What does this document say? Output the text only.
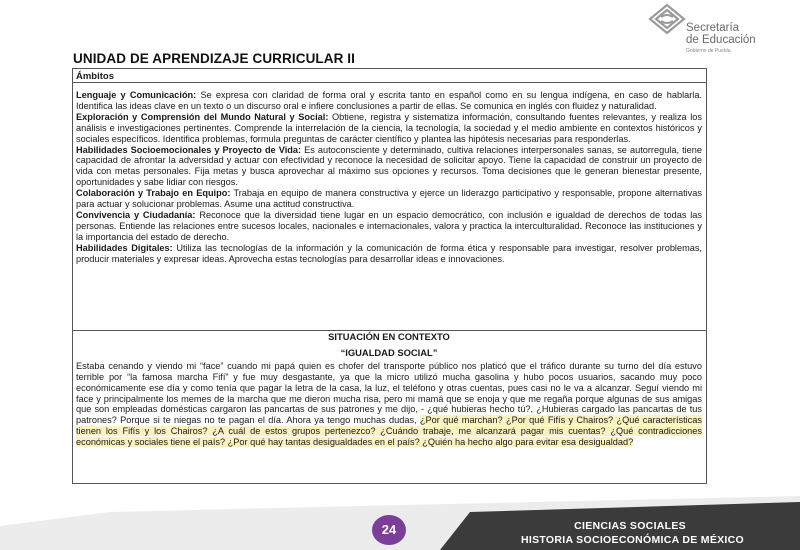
Secretaría
de Educación
Gobierno de Puebla
UNIDAD DE APRENDIZAJE CURRICULAR II
Ámbitos

Lenguaje y Comunicación: Se expresa con claridad de forma oral y escrita tanto en español como en su lengua indígena, en caso de hablarla. Identifica las ideas clave en un texto o un discurso oral e infiere conclusiones a partir de ellas. Se comunica en inglés con fluidez y naturalidad.

Exploración y Comprensión del Mundo Natural y Social: Obtiene, registra y sistematiza información, consultando fuentes relevantes, y realiza los análisis e investigaciones pertinentes. Comprende la interrelación de la ciencia, la tecnología, la sociedad y el medio ambiente en contextos históricos y sociales específicos. Identifica problemas, formula preguntas de carácter científico y plantea las hipótesis necesarias para responderlas.

Habilidades Socioemocionales y Proyecto de Vida: Es autoconsciente y determinado, cultiva relaciones interpersonales sanas, se autorregula, tiene capacidad de afrontar la adversidad y actuar con efectividad y reconoce la necesidad de solicitar apoyo. Tiene la capacidad de construir un proyecto de vida con metas personales. Fija metas y busca aprovechar al máximo sus opciones y recursos. Toma decisiones que le generan bienestar presente, oportunidades y sabe lidiar con riesgos.

Colaboración y Trabajo en Equipo: Trabaja en equipo de manera constructiva y ejerce un liderazgo participativo y responsable, propone alternativas para actuar y solucionar problemas. Asume una actitud constructiva.

Convivencia y Ciudadanía: Reconoce que la diversidad tiene lugar en un espacio democrático, con inclusión e igualdad de derechos de todas las personas. Entiende las relaciones entre sucesos locales, nacionales e internacionales, valora y practica la interculturalidad. Reconoce las instituciones y la importancia del estado de derecho.

Habilidades Digitales: Utiliza las tecnologías de la información y la comunicación de forma ética y responsable para investigar, resolver problemas, producir materiales y expresar ideas. Aprovecha estas tecnologías para desarrollar ideas e innovaciones.

SITUACIÓN EN CONTEXTO
“IGUALDAD SOCIAL”
Estaba cenando y viendo mi “face” cuando mi papá quien es chofer del transporte público nos platicó que el tráfico durante su turno del día estuvo terrible por “la famosa marcha Fifí” y fue muy desgastante, ya que la micro utilizó mucha gasolina y hubo pocos usuarios, sacando muy poco económicamente ese día y como tenía que pagar la letra de la casa, la luz, el teléfono y otras cuentas, pues casi no le va a alcanzar. Seguí viendo mi face y principalmente los memes de la marcha que me dieron mucha risa, pero mi mamá que se enoja y que me regaña porque algunas de sus amigas que son empleadas domésticas cargaron las pancartas de sus patrones y me dijo, - ¿qué hubieras hecho tú?, ¿Hubieras cargado las pancartas de tus patrones? Porque si te niegas no te pagan el día. Ahora ya tengo muchas dudas, ¿Por qué marchan? ¿Por qué Fifís y Chairos? ¿Qué características tienen los Fifís y los Chairos? ¿A cuál de estos grupos pertenezco? ¿Cuándo trabaje, me alcanzará pagar mis cuentas? ¿Qué contradicciones económicas y sociales tiene el país? ¿Por qué hay tantas desigualdades en el país? ¿Quién ha hecho algo para evitar esa desigualdad?
24	CIENCIAS SOCIALES
HISTORIA SOCIOECONÓMICA DE MÉXICO
